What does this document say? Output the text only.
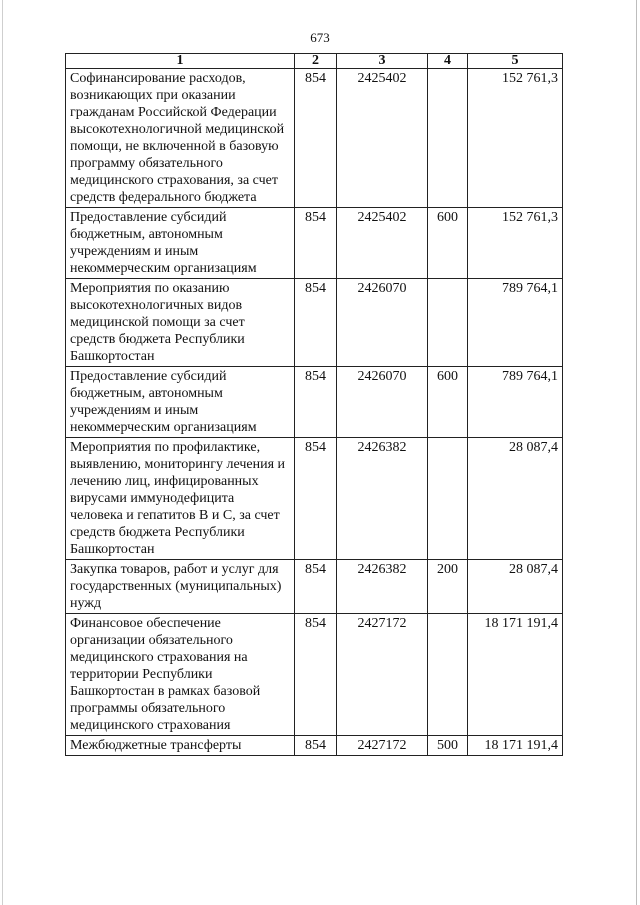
673
1	2	3	4	5
Софинансирование расходов, возникающих при оказании гражданам Российской Федерации высокотехнологичной медицинской помощи, не включенной в базовую программу обязательного медицинского страхования, за счет средств федерального бюджета	854	2425402		152 761,3
Предоставление субсидий бюджетным, автономным учреждениям и иным некоммерческим организациям	854	2425402	600	152 761,3
Мероприятия по оказанию высокотехнологичных видов медицинской помощи за счет средств бюджета Республики Башкортостан	854	2426070		789 764,1
Предоставление субсидий бюджетным, автономным учреждениям и иным некоммерческим организациям	854	2426070	600	789 764,1
Мероприятия по профилактике, выявлению, мониторингу лечения и лечению лиц, инфицированных вирусами иммунодефицита человека и гепатитов B и C, за счет средств бюджета Республики Башкортостан	854	2426382		28 087,4
Закупка товаров, работ и услуг для государственных (муниципальных) нужд	854	2426382	200	28 087,4
Финансовое обеспечение организации обязательного медицинского страхования на территории Республики Башкортостан в рамках базовой программы обязательного медицинского страхования	854	2427172		18 171 191,4
Межбюджетные трансферты	854	2427172	500	18 171 191,4
